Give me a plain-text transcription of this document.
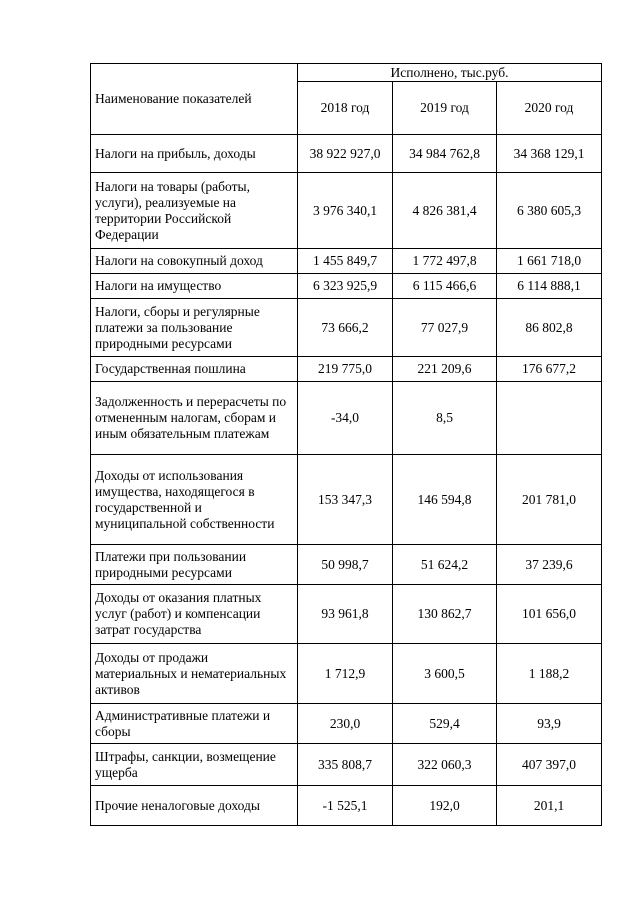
Наименование показателей	Исполнено, тыс.руб.		
	2018 год	2019 год	2020 год
Налоги на прибыль, доходы	38 922 927,0	34 984 762,8	34 368 129,1
Налоги на товары (работы, услуги), реализуемые на территории Российской Федерации	3 976 340,1	4 826 381,4	6 380 605,3
Налоги на совокупный доход	1 455 849,7	1 772 497,8	1 661 718,0
Налоги на имущество	6 323 925,9	6 115 466,6	6 114 888,1
Налоги, сборы и регулярные платежи за пользование природными ресурсами	73 666,2	77 027,9	86 802,8
Государственная пошлина	219 775,0	221 209,6	176 677,2
Задолженность и перерасчеты по отмененным налогам, сборам и иным обязательным платежам	-34,0	8,5	
Доходы от использования имущества, находящегося в государственной и муниципальной собственности	153 347,3	146 594,8	201 781,0
Платежи при пользовании природными ресурсами	50 998,7	51 624,2	37 239,6
Доходы от оказания платных услуг (работ) и компенсации затрат государства	93 961,8	130 862,7	101 656,0
Доходы от продажи материальных и нематериальных активов	1 712,9	3 600,5	1 188,2
Административные платежи и сборы	230,0	529,4	93,9
Штрафы, санкции, возмещение ущерба	335 808,7	322 060,3	407 397,0
Прочие неналоговые доходы	-1 525,1	192,0	201,1
